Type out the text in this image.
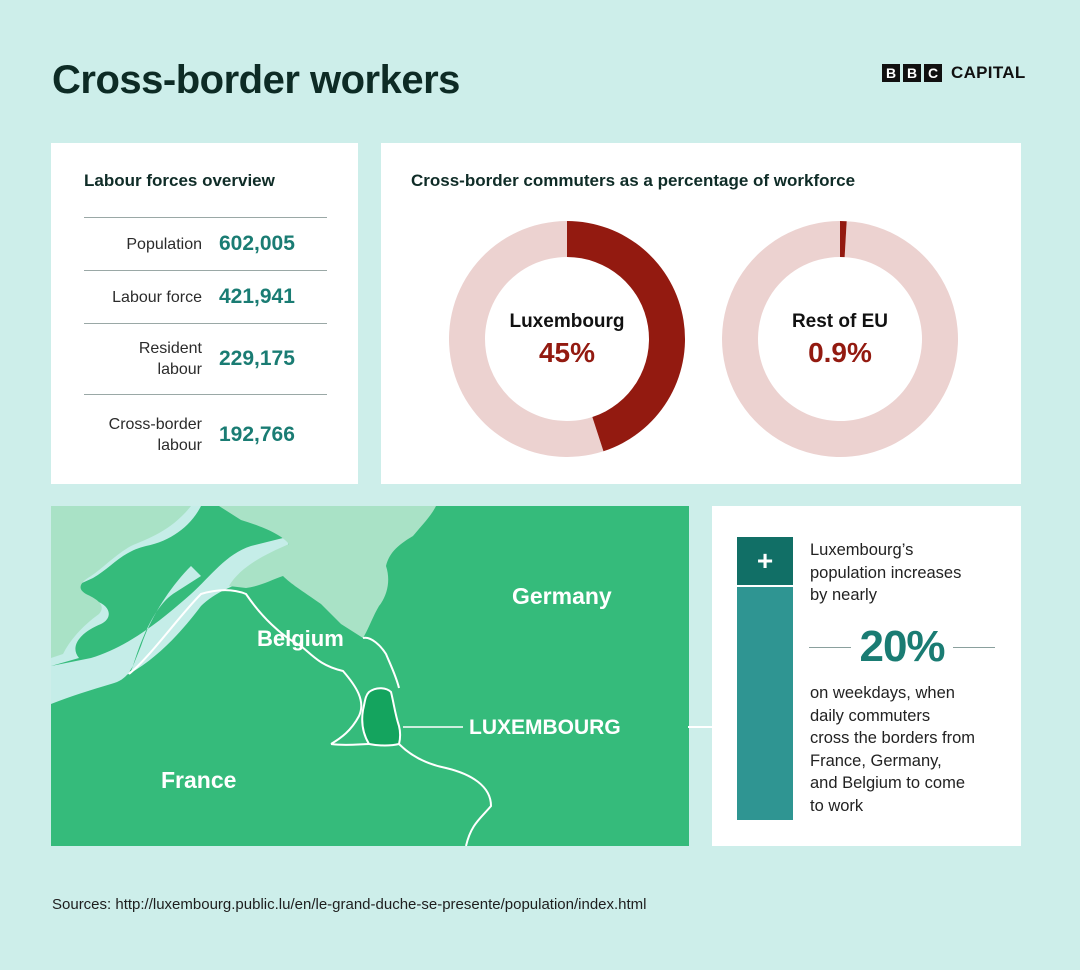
Cross-border workers	B B C CAPITAL
Labour forces overview
Population 602,005
Labour force 421,941
Resident labour 229,175
Cross-border labour 192,766
Cross-border commuters as a percentage of workforce
Luxembourg
45%
Rest of EU
0.9%
Germany
Belgium
France
LUXEMBOURG
+	Luxembourg’s
population increases
by nearly

20%

on weekdays, when
daily commuters
cross the borders from
France, Germany,
and Belgium to come
to work

Sources: http://luxembourg.public.lu/en/le-grand-duche-se-presente/population/index.html
